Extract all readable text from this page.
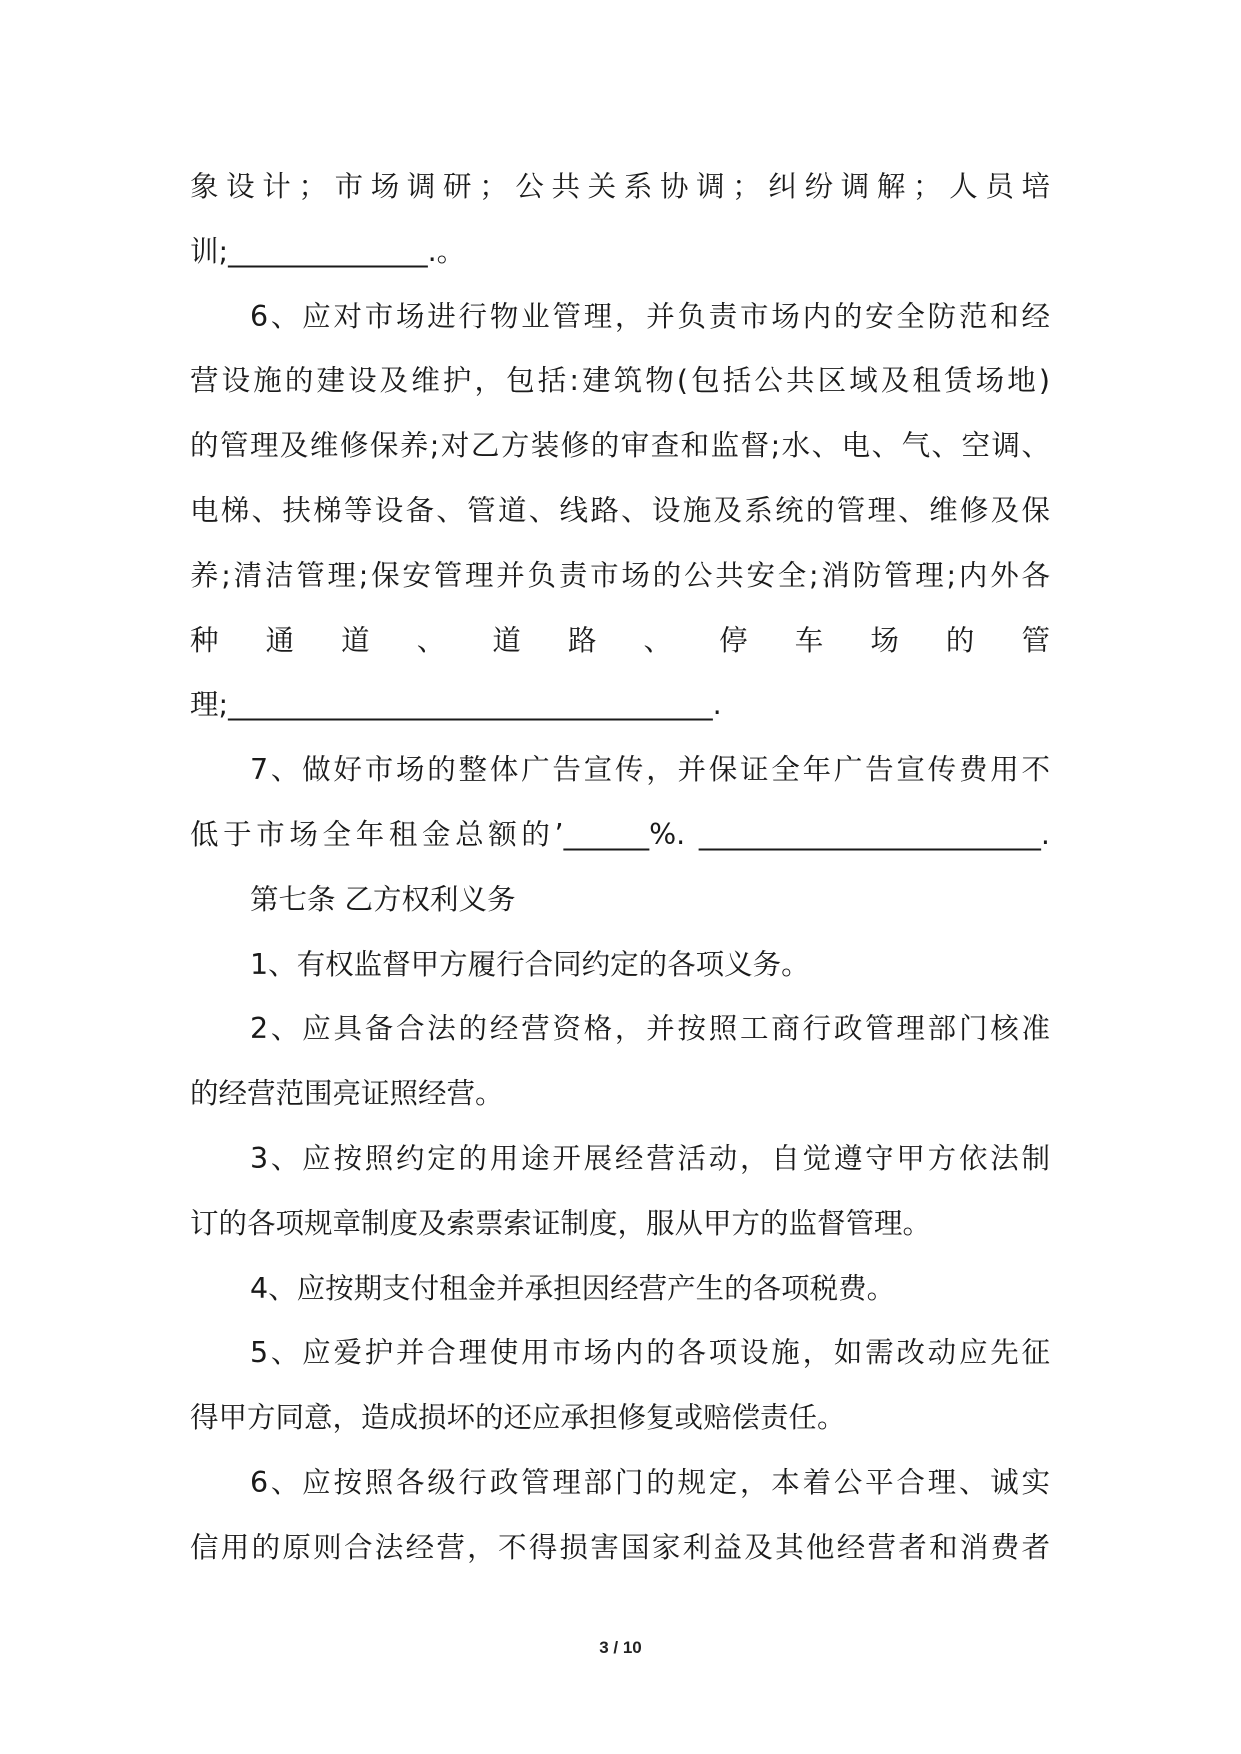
象设计；市场调研；公共关系协调；纠纷调解；人员培
训;______________.。
6、应对市场进行物业管理，并负责市场内的安全防范和经
营设施的建设及维护，包括:建筑物(包括公共区域及租赁场地)
的管理及维修保养;对乙方装修的审查和监督;水、电、气、空调、
电梯、扶梯等设备、管道、线路、设施及系统的管理、维修及保
养;清洁管理;保安管理并负责市场的公共安全;消防管理;内外各
种 通 道 、 道 路 、 停 车 场 的 管
理;__________________________________.
7、做好市场的整体广告宣传，并保证全年广告宣传费用不
低于市场全年租金总额的’______%. ________________________.
第七条 乙方权利义务
1、有权监督甲方履行合同约定的各项义务。
2、应具备合法的经营资格，并按照工商行政管理部门核准
的经营范围亮证照经营。
3、应按照约定的用途开展经营活动，自觉遵守甲方依法制
订的各项规章制度及索票索证制度，服从甲方的监督管理。
4、应按期支付租金并承担因经营产生的各项税费。
5、应爱护并合理使用市场内的各项设施，如需改动应先征
得甲方同意，造成损坏的还应承担修复或赔偿责任。
6、应按照各级行政管理部门的规定，本着公平合理、诚实
信用的原则合法经营，不得损害国家利益及其他经营者和消费者
3 / 10
